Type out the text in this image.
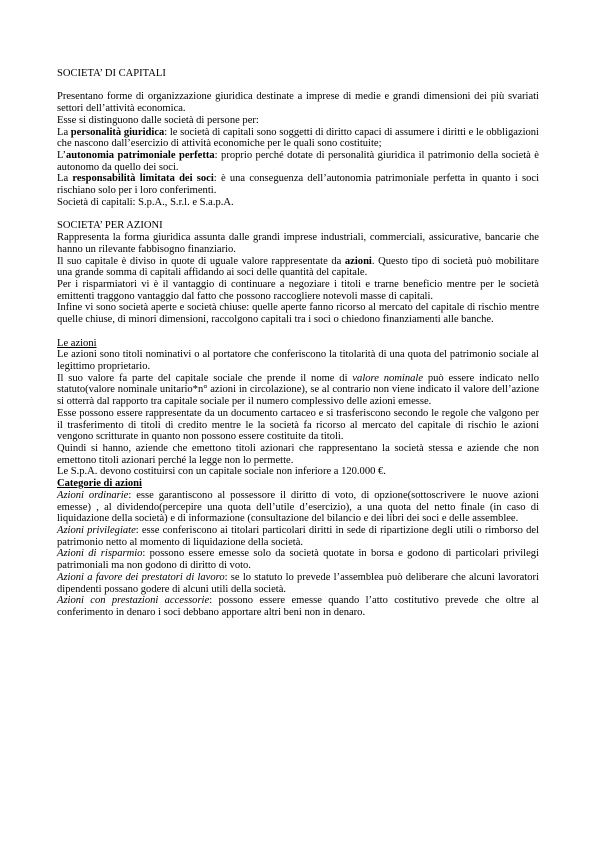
SOCIETA’ DI CAPITALI

Presentano forme di organizzazione giuridica destinate a imprese di medie e grandi dimensioni dei più svariati settori dell’attività economica.

Esse si distinguono dalle società di persone per:

La personalità giuridica: le società di capitali sono soggetti di diritto capaci di assumere i diritti e le obbligazioni che nascono dall’esercizio di attività economiche per le quali sono costituite;

L’autonomia patrimoniale perfetta: proprio perché dotate di personalità giuridica il patrimonio della società è autonomo da quello dei soci.

La responsabilità limitata dei soci: è una conseguenza dell’autonomia patrimoniale perfetta in quanto i soci rischiano solo per i loro conferimenti.

Società di capitali: S.p.A., S.r.l. e S.a.p.A.

SOCIETA’ PER AZIONI

Rappresenta la forma giuridica assunta dalle grandi imprese industriali, commerciali, assicurative, bancarie che hanno un rilevante fabbisogno finanziario.

Il suo capitale è diviso in quote di uguale valore rappresentate da azioni. Questo tipo di società può mobilitare una grande somma di capitali affidando ai soci delle quantità del capitale.

Per i risparmiatori vi è il vantaggio di continuare a negoziare i titoli e trarne beneficio mentre per le società emittenti traggono vantaggio dal fatto che possono raccogliere notevoli masse di capitali.

Infine vi sono società aperte e società chiuse: quelle aperte fanno ricorso al mercato del capitale di rischio mentre quelle chiuse, di minori dimensioni, raccolgono capitali tra i soci o chiedono finanziamenti alle banche.

Le azioni

Le azioni sono titoli nominativi o al portatore che conferiscono la titolarità di una quota del patrimonio sociale al legittimo proprietario.

Il suo valore fa parte del capitale sociale che prende il nome di valore nominale può essere indicato nello statuto(valore nominale unitario*n° azioni in circolazione), se al contrario non viene indicato il valore dell’azione si otterrà dal rapporto tra capitale sociale per il numero complessivo delle azioni emesse.

Esse possono essere rappresentate da un documento cartaceo e si trasferiscono secondo le regole che valgono per il trasferimento di titoli di credito mentre le la società fa ricorso al mercato del capitale di rischio le azioni vengono scritturate in quanto non possono essere costituite da titoli.

Quindi si hanno, aziende che emettono titoli azionari che rappresentano la società stessa e aziende che non emettono titoli azionari perché la legge non lo permette.

Le S.p.A. devono costituirsi con un capitale sociale non inferiore a 120.000 €.

Categorie di azioni

Azioni ordinarie: esse garantiscono al possessore il diritto di voto, di opzione(sottoscrivere le nuove azioni emesse) , al dividendo(percepire una quota dell’utile d’esercizio), a una quota del netto finale (in caso di liquidazione della società) e di informazione (consultazione del bilancio e dei libri dei soci e delle assemblee.

Azioni privilegiate: esse conferiscono ai titolari particolari diritti in sede di ripartizione degli utili o rimborso del patrimonio netto al momento di liquidazione della società.

Azioni di risparmio: possono essere emesse solo da società quotate in borsa e godono di particolari privilegi patrimoniali ma non godono di diritto di voto.

Azioni a favore dei prestatori di lavoro: se lo statuto lo prevede l’assemblea può deliberare che alcuni lavoratori dipendenti possano godere di alcuni utili della società.

Azioni con prestazioni accessorie: possono essere emesse quando l’atto costitutivo prevede che oltre al conferimento in denaro i soci debbano apportare altri beni non in denaro.
